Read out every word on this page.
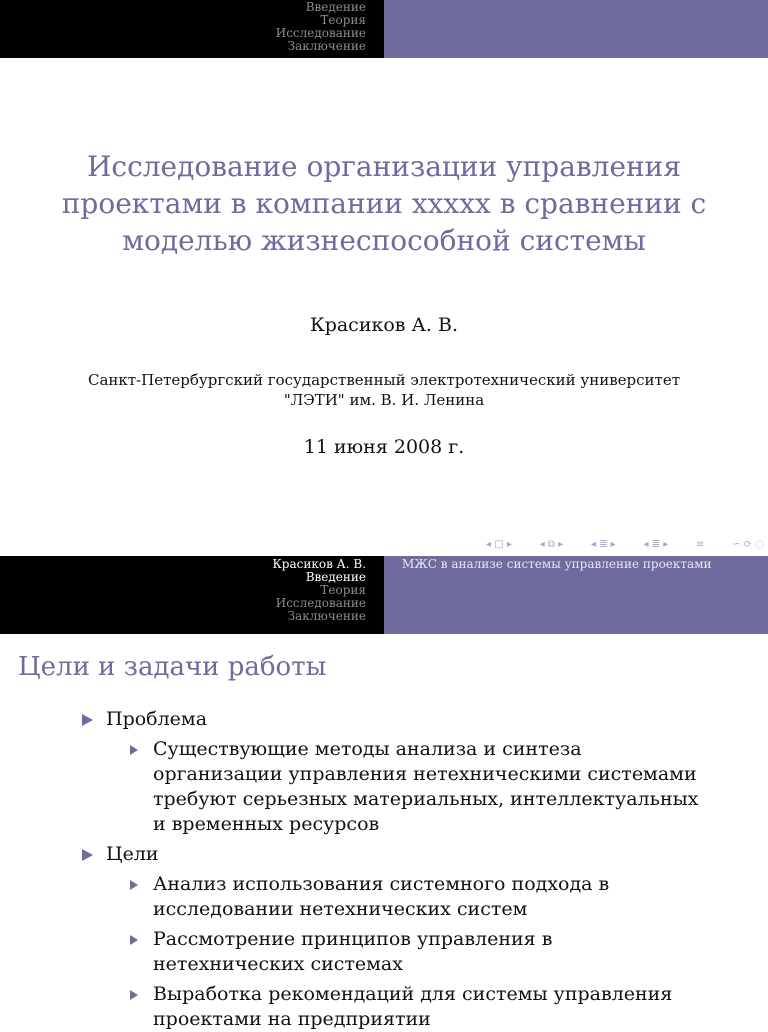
Введение
Теория
Исследование
Заключение
Исследование организации управления
проектами в компании ххххх в сравнении с
моделью жизнеспособной системы
Красиков А. В.
Санкт-Петербургский государственный электротехнический университет
"ЛЭТИ" им. В. И. Ленина
11 июня 2008 г.
◂ □ ▸	◂ ⧉ ▸	◂ ≣ ▸	◂ ≣ ▸	≡	∽ ⟳ ◌
Красиков А. В.
Введение
Теория
Исследование
Заключение
МЖС в анализе системы управление проектами
Цели и задачи работы
Проблема
Существующие методы анализа и синтеза организации управления нетехническими системами требуют серьезных материальных, интеллектуальных и временных ресурсов
Цели
Анализ использования системного подхода в исследовании нетехнических систем
Рассмотрение принципов управления в нетехнических системах
Выработка рекомендаций для системы управления проектами на предприятии
